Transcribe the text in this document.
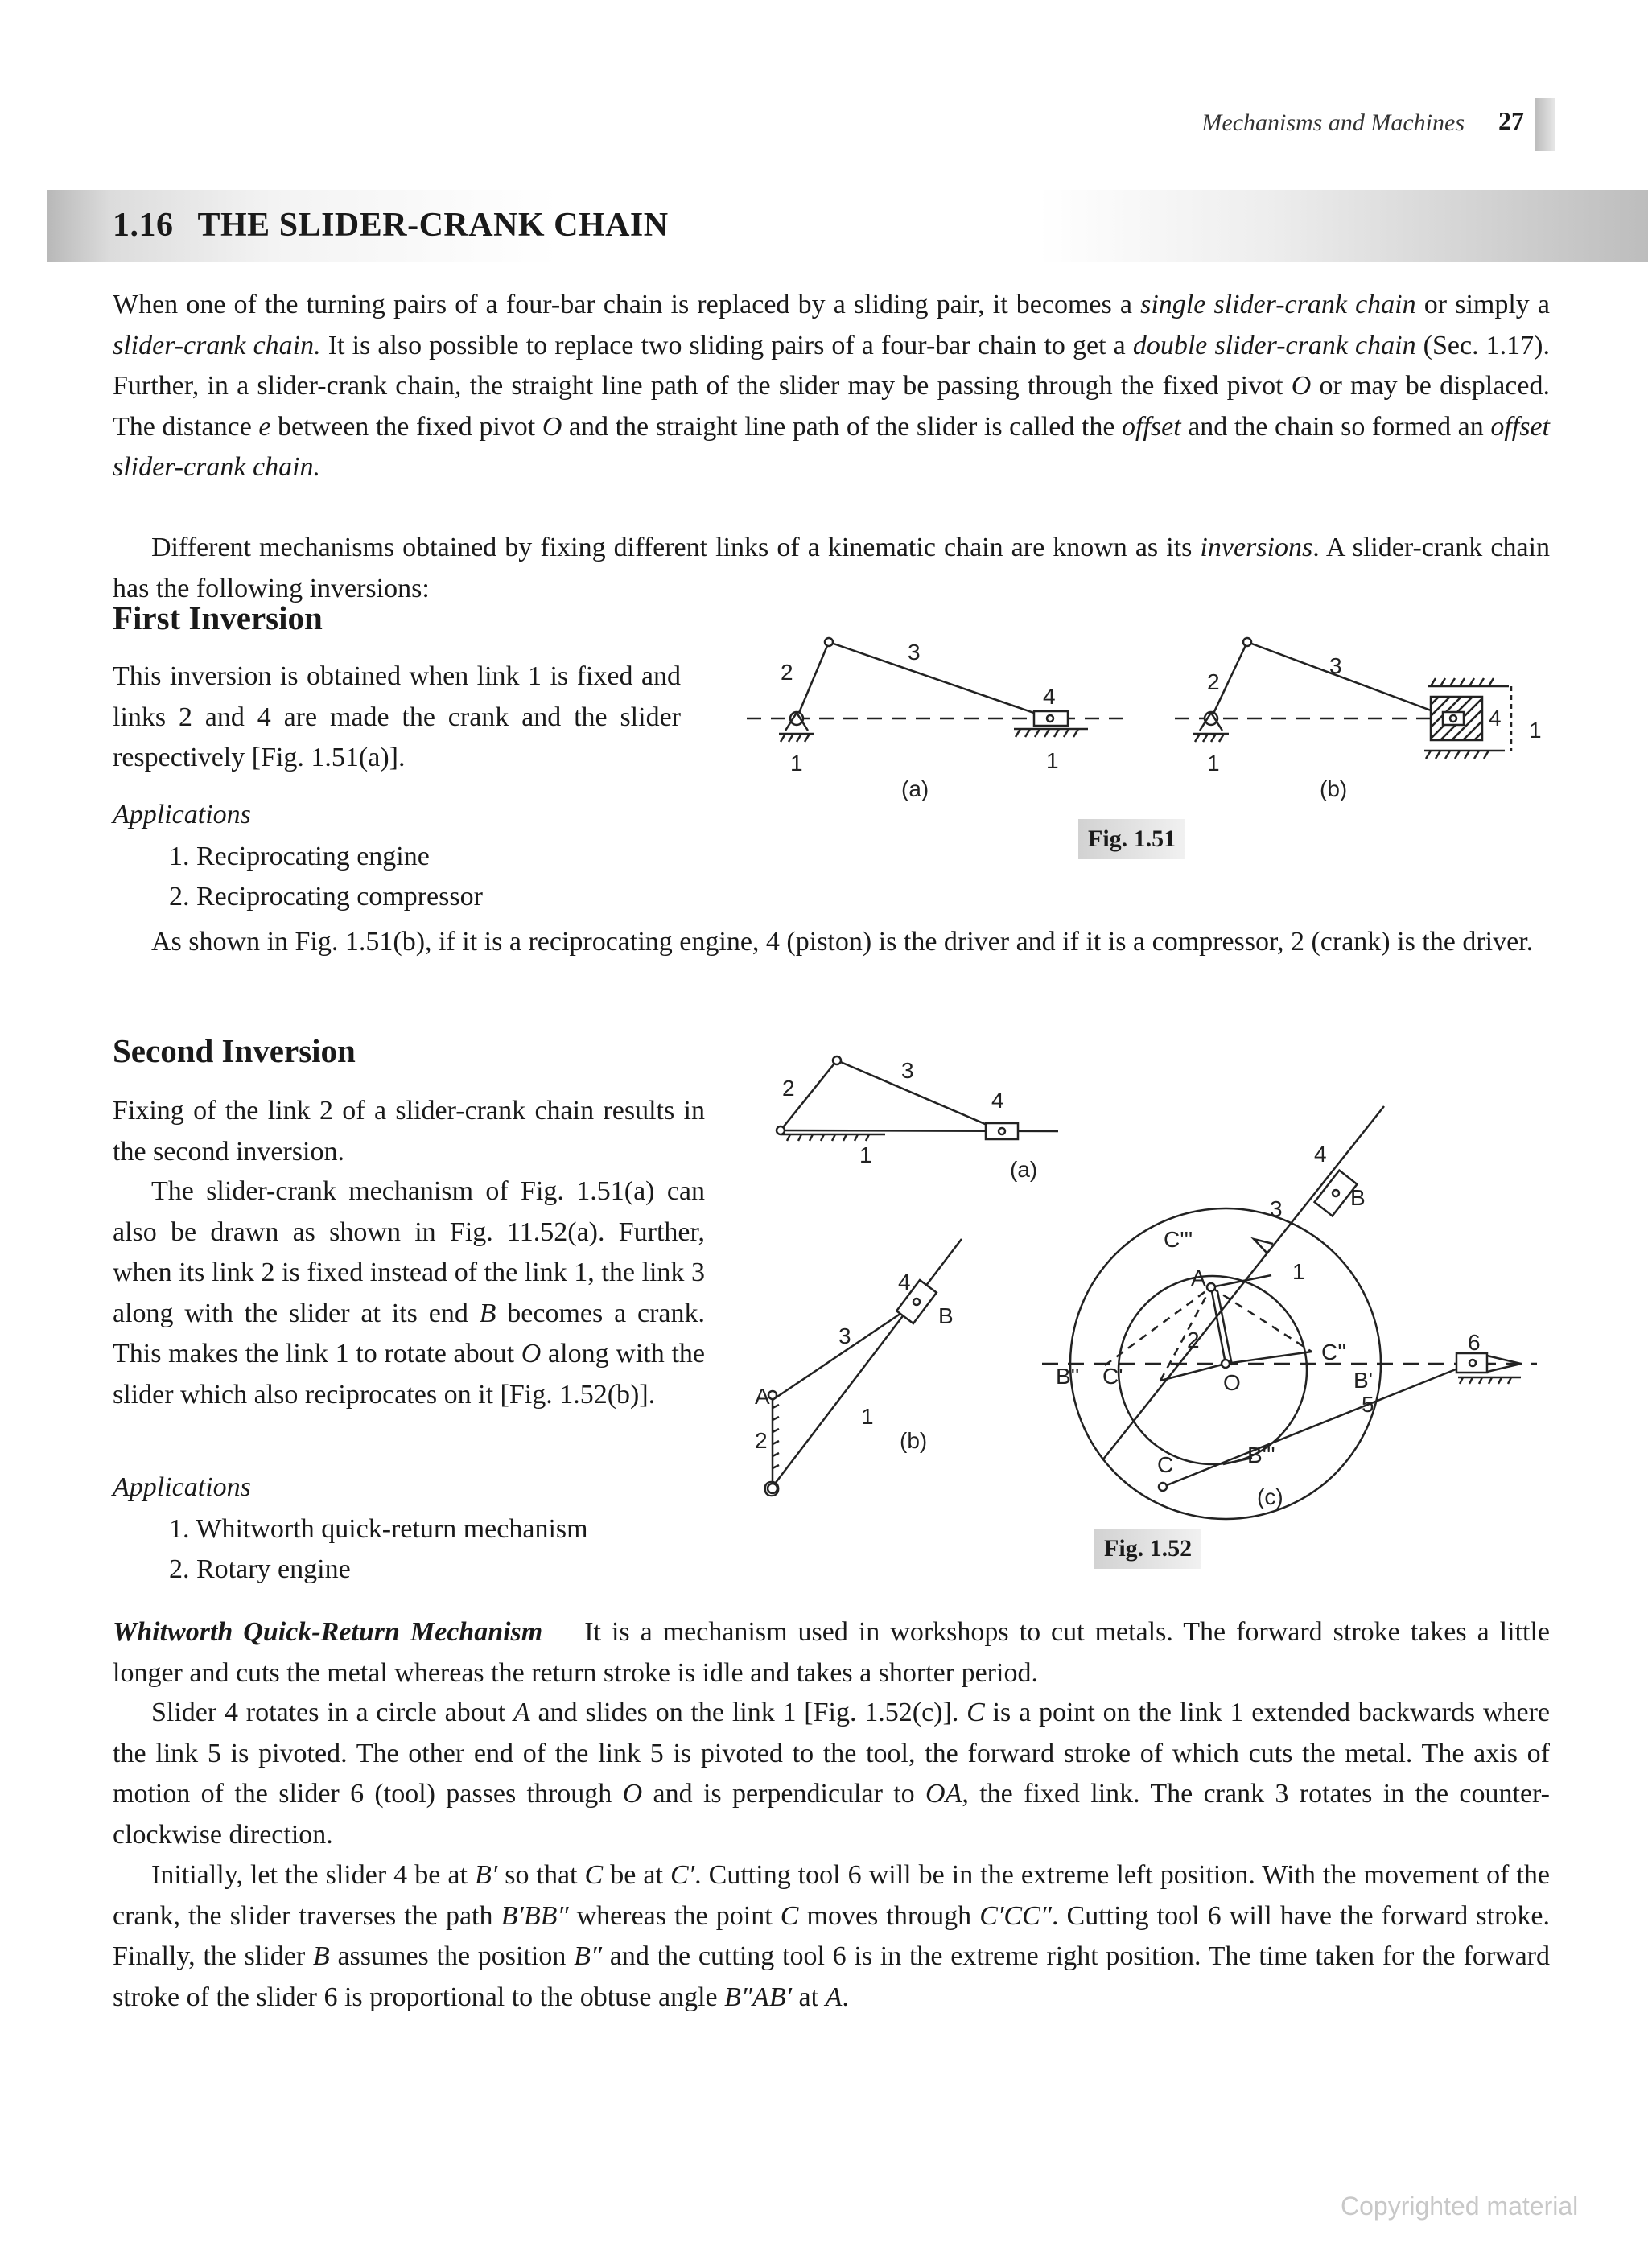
Mechanisms and Machines 27
1.16 THE SLIDER-CRANK CHAIN

When one of the turning pairs of a four-bar chain is replaced by a sliding pair, it becomes a single slider-crank chain or simply a slider-crank chain. It is also possible to replace two sliding pairs of a four-bar chain to get a double slider-crank chain (Sec. 1.17). Further, in a slider-crank chain, the straight line path of the slider may be passing through the fixed pivot O or may be displaced. The distance e between the fixed pivot O and the straight line path of the slider is called the offset and the chain so formed an offset slider-crank chain.

Different mechanisms obtained by fixing different links of a kinematic chain are known as its inversions. A slider-crank chain has the following inversions:

First Inversion

This inversion is obtained when link 1 is fixed and links 2 and 4 are made the crank and the slider respectively [Fig. 1.51(a)].

Applications
1. Reciprocating engine
2. Reciprocating compressor

As shown in Fig. 1.51(b), if it is a reciprocating engine, 4 (piston) is the driver and if it is a compressor, 2 (crank) is the driver.

2
3
4
1	1
(a)
2
3
4 1
1
(b)
Fig. 1.51
Second Inversion

Fixing of the link 2 of a slider-crank chain results in the second inversion.

The slider-crank mechanism of Fig. 1.51(a) can also be drawn as shown in Fig. 11.52(a). Further, when its link 2 is fixed instead of the link 1, the link 3 along with the slider at its end B becomes a crank. This makes the link 1 to rotate about O along with the slider which also reciprocates on it [Fig. 1.52(b)].

Applications
1. Whitworth quick-return mechanism
2. Rotary engine
2
3
4
1
(a)
4
B
3
A
1
2	(b)
O
4
B
3
C'''
A	1
2	C''	6
B'' C'	O	B'
5
B'''
C
(c)
Fig. 1.52

Whitworth Quick-Return Mechanism It is a mechanism used in workshops to cut metals. The forward stroke takes a little longer and cuts the metal whereas the return stroke is idle and takes a shorter period.

Slider 4 rotates in a circle about A and slides on the link 1 [Fig. 1.52(c)]. C is a point on the link 1 extended backwards where the link 5 is pivoted. The other end of the link 5 is pivoted to the tool, the forward stroke of which cuts the metal. The axis of motion of the slider 6 (tool) passes through O and is perpendicular to OA, the fixed link. The crank 3 rotates in the counter-clockwise direction.

Initially, let the slider 4 be at B′ so that C be at C′. Cutting tool 6 will be in the extreme left position. With the movement of the crank, the slider traverses the path B′BB″ whereas the point C moves through C′CC″. Cutting tool 6 will have the forward stroke. Finally, the slider B assumes the position B″ and the cutting tool 6 is in the extreme right position. The time taken for the forward stroke of the slider 6 is proportional to the obtuse angle B″AB′ at A.

Copyrighted material
